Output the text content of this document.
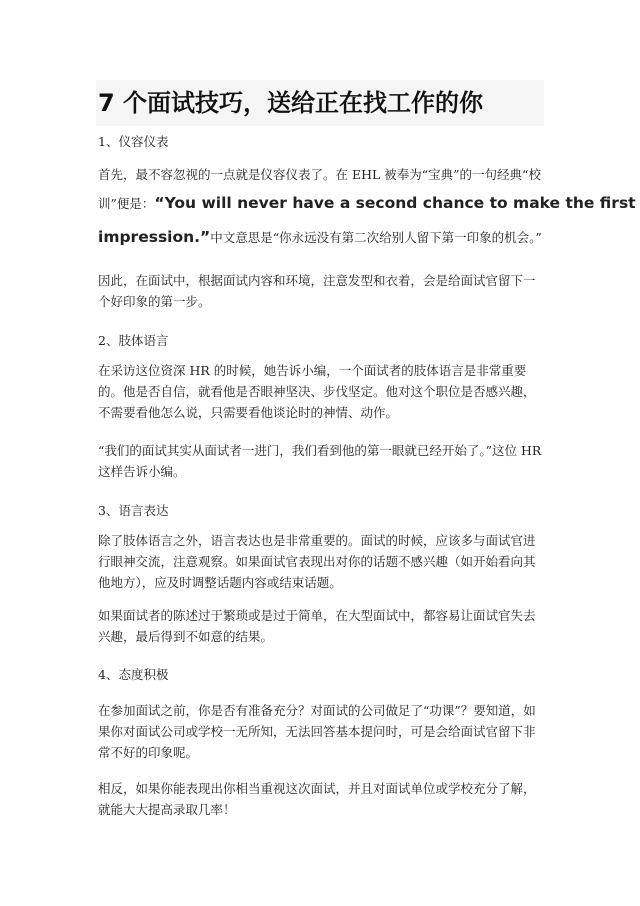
7 个面试技巧，送给正在找工作的你

1、仪容仪表

首先，最不容忽视的一点就是仪容仪表了。在 EHL 被奉为“宝典”的一句经典“校

训”便是：“You will never have a second chance to make the first

impression.”中文意思是“你永远没有第二次给别人留下第一印象的机会。”

因此，在面试中，根据面试内容和环境，注意发型和衣着，会是给面试官留下一个好印象的第一步。

2、肢体语言

在采访这位资深 HR 的时候，她告诉小编，一个面试者的肢体语言是非常重要的。他是否自信，就看他是否眼神坚决、步伐坚定。他对这个职位是否感兴趣，不需要看他怎么说，只需要看他谈论时的神情、动作。

“我们的面试其实从面试者一进门，我们看到他的第一眼就已经开始了。”这位 HR 这样告诉小编。

3、语言表达

除了肢体语言之外，语言表达也是非常重要的。面试的时候，应该多与面试官进行眼神交流，注意观察。如果面试官表现出对你的话题不感兴趣（如开始看向其他地方），应及时调整话题内容或结束话题。

如果面试者的陈述过于繁琐或是过于简单，在大型面试中，都容易让面试官失去兴趣，最后得到不如意的结果。

4、态度积极

在参加面试之前，你是否有准备充分？对面试的公司做足了“功课”？要知道，如果你对面试公司或学校一无所知，无法回答基本提问时，可是会给面试官留下非常不好的印象呢。

相反，如果你能表现出你相当重视这次面试，并且对面试单位或学校充分了解，就能大大提高录取几率！
